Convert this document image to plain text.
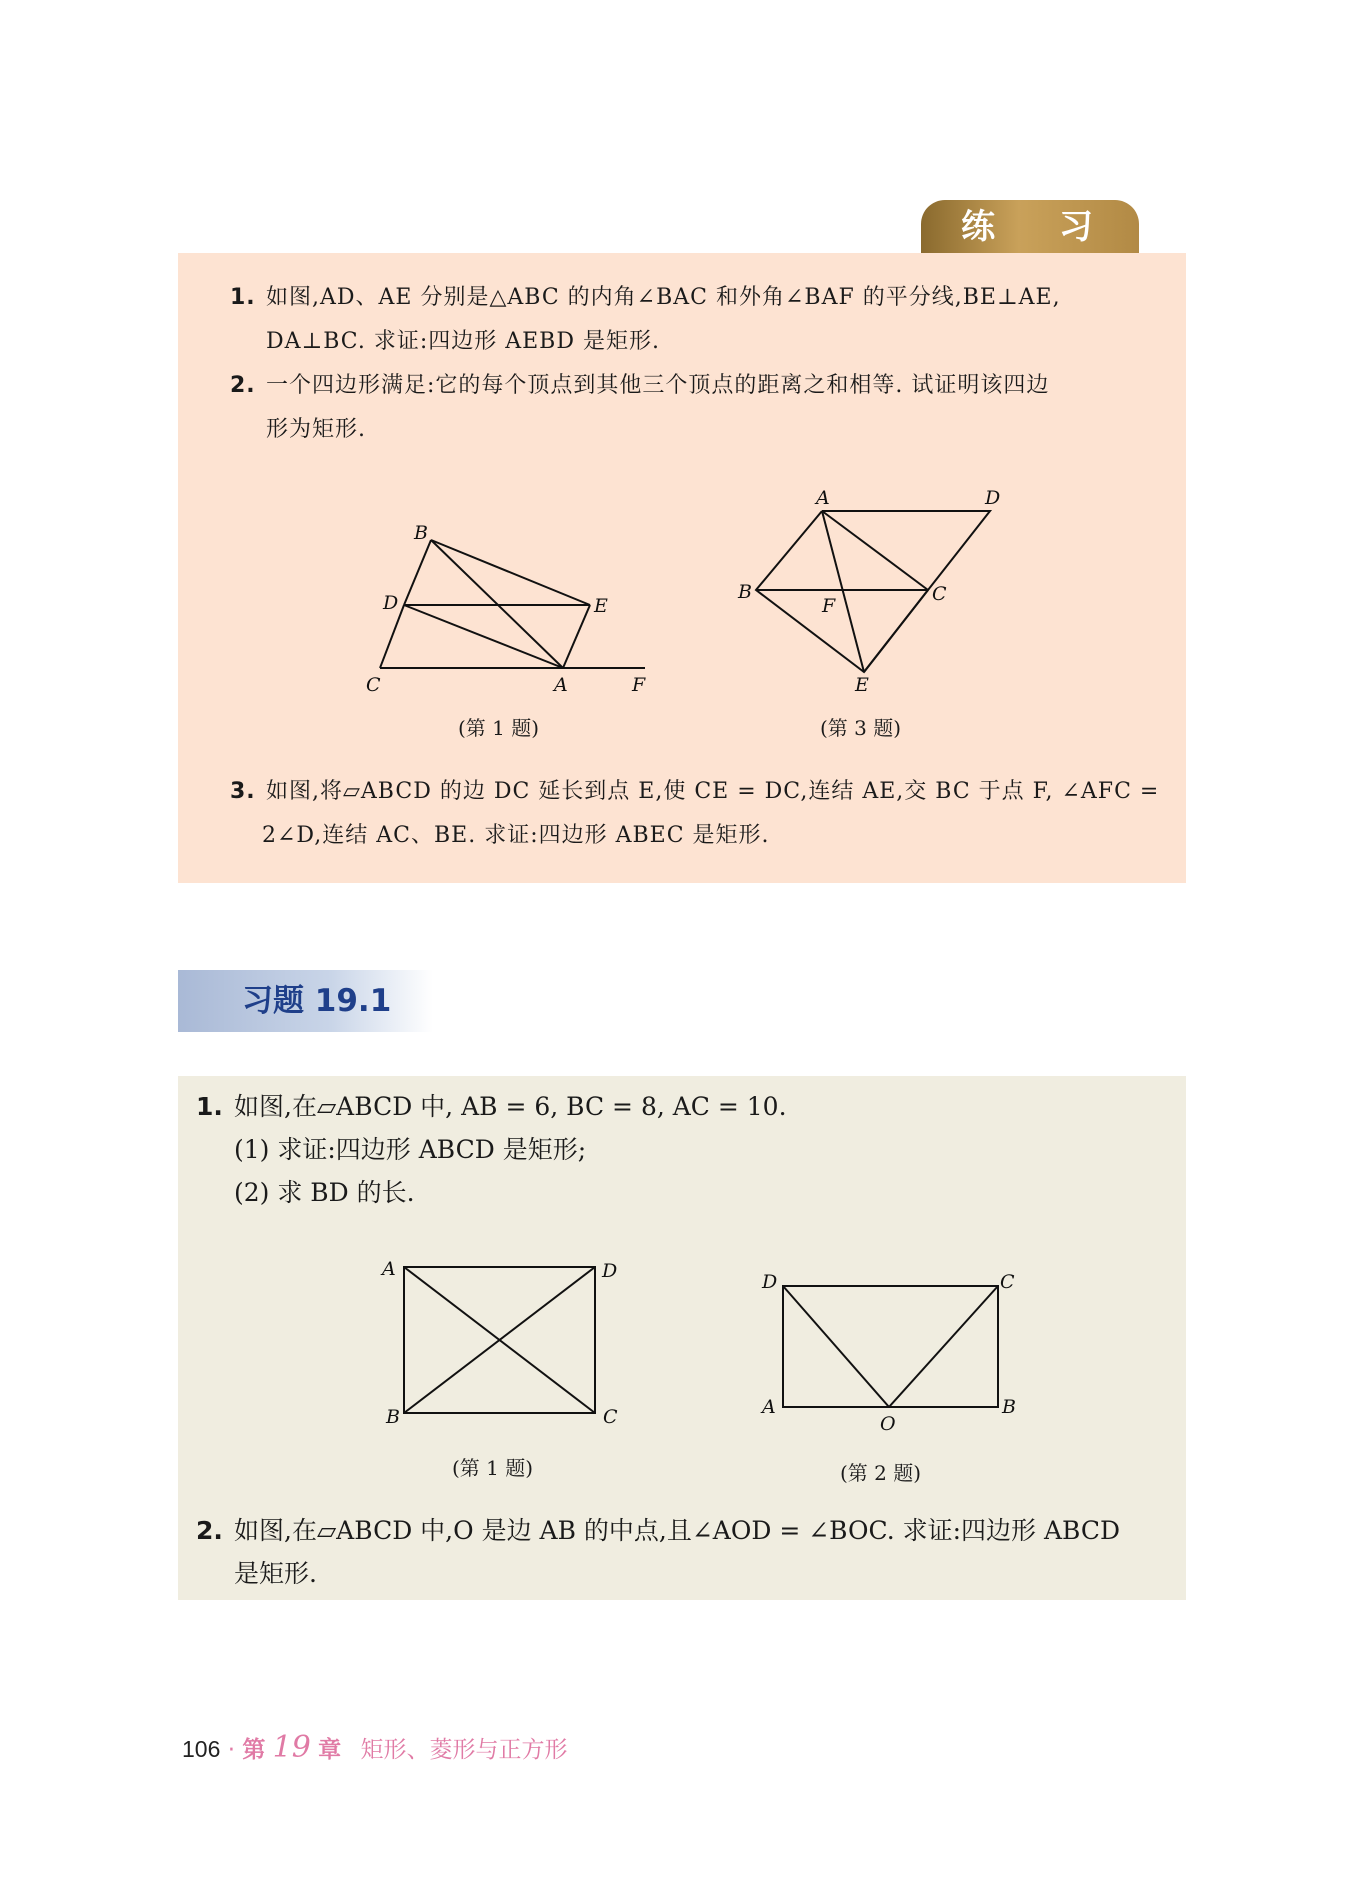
练 习
1. 如图,AD、AE 分别是△ABC 的内角∠BAC 和外角∠BAF 的平分线,BE⊥AE,
DA⊥BC. 求证:四边形 AEBD 是矩形.
2. 一个四边形满足:它的每个顶点到其他三个顶点的距离之和相等. 试证明该四边
形为矩形.
B
D	E
C	A	F
(第 1 题)
A	D
B
F
C
E
(第 3 题)
3. 如图,将▱ABCD 的边 DC 延长到点 E,使 CE = DC,连结 AE,交 BC 于点 F, ∠AFC =
2∠D,连结 AC、BE. 求证:四边形 ABEC 是矩形.
习题 19.1
1. 如图,在▱ABCD 中, AB = 6, BC = 8, AC = 10.
(1) 求证:四边形 ABCD 是矩形;
(2) 求 BD 的长.
A	D
B	C
(第 1 题)
D	C
A	B
O
(第 2 题)
2. 如图,在▱ABCD 中,O 是边 AB 的中点,且∠AOD = ∠BOC. 求证:四边形 ABCD
是矩形.
106 · 第 19 章 矩形、菱形与正方形
